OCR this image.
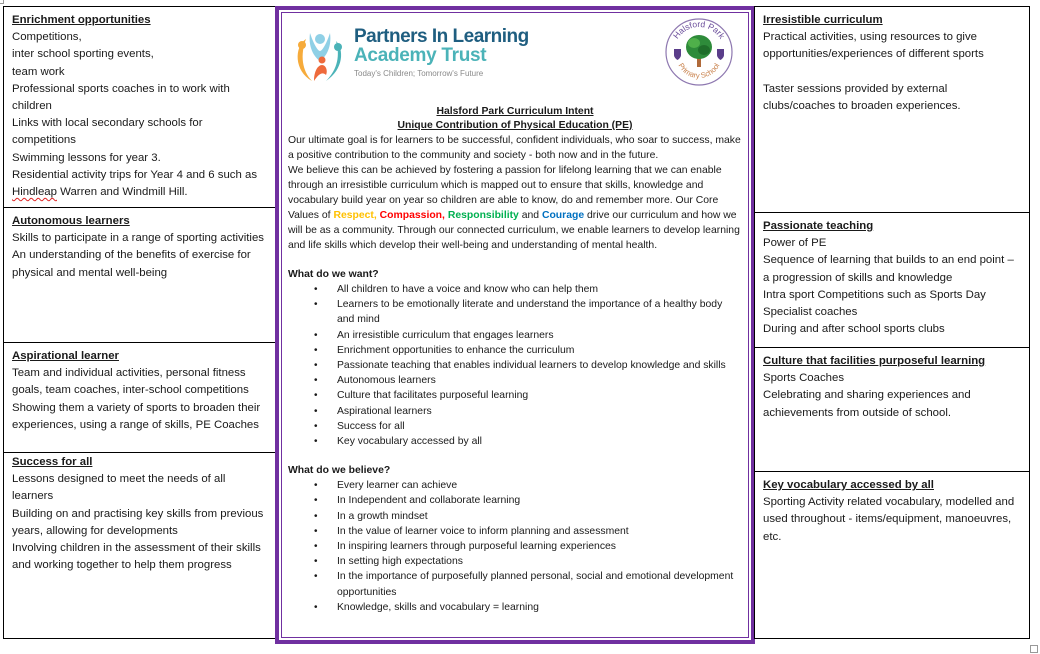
Enrichment opportunities
Competitions,
inter school sporting events,
team work
Professional sports coaches in to work with children
Links with local secondary schools for competitions
Swimming lessons for year 3.
Residential activity trips for Year 4 and 6 such as
Hindleap Warren and Windmill Hill.
Autonomous learners
Skills to participate in a range of sporting activities
An understanding of the benefits of exercise for physical and mental well-being
Aspirational learner
Team and individual activities, personal fitness goals, team coaches, inter-school competitions
Showing them a variety of sports to broaden their experiences, using a range of skills, PE Coaches
Success for all
Lessons designed to meet the needs of all learners
Building on and practising key skills from previous years, allowing for developments
Involving children in the assessment of their skills and working together to help them progress
Partners In Learning
Academy Trust
Today's Children; Tomorrow's Future
Halsford Park
Primary School
Halsford Park Curriculum Intent
Unique Contribution of Physical Education (PE)

Our ultimate goal is for learners to be successful, confident individuals, who soar to success, make a positive contribution to the community and society - both now and in the future.

We believe this can be achieved by fostering a passion for lifelong learning that we can enable through an irresistible curriculum which is mapped out to ensure that skills, knowledge and vocabulary build year on year so children are able to know, do and remember more. Our Core Values of Respect, Compassion, Responsibility and Courage drive our curriculum and how we will be as a community. Through our connected curriculum, we enable learners to develop learning and life skills which develop their well-being and understanding of mental health.

What do we want?
• All children to have a voice and know who can help them
• Learners to be emotionally literate and understand the importance of a healthy body and mind
• An irresistible curriculum that engages learners
• Enrichment opportunities to enhance the curriculum
• Passionate teaching that enables individual learners to develop knowledge and skills
• Autonomous learners
• Culture that facilitates purposeful learning
• Aspirational learners
• Success for all
• Key vocabulary accessed by all
What do we believe?
• Every learner can achieve
• In Independent and collaborate learning
• In a growth mindset
• In the value of learner voice to inform planning and assessment
• In inspiring learners through purposeful learning experiences
• In setting high expectations
• In the importance of purposefully planned personal, social and emotional development opportunities
• Knowledge, skills and vocabulary = learning
Irresistible curriculum
Practical activities, using resources to give opportunities/experiences of different sports
Taster sessions provided by external clubs/coaches to broaden experiences.
Passionate teaching
Power of PE
Sequence of learning that builds to an end point – a progression of skills and knowledge
Intra sport Competitions such as Sports Day
Specialist coaches
During and after school sports clubs
Culture that facilities purposeful learning
Sports Coaches
Celebrating and sharing experiences and achievements from outside of school.
Key vocabulary accessed by all
Sporting Activity related vocabulary, modelled and used throughout - items/equipment, manoeuvres, etc.
